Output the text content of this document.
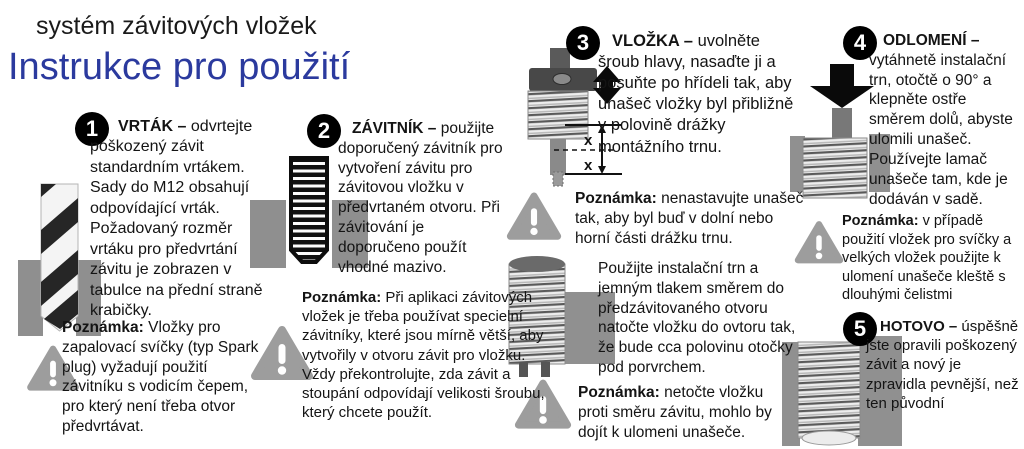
systém závitových vložek
Instrukce pro použití
1	VRTÁK – odvrtejte poškozený závit standardním vrtákem. Sady do M12 obsahují odpovídající vrták. Požadovaný rozměr vrtáku pro předvrtání závitu je zobrazen v tabulce na přední straně krabičky.

Poznámka: Vložky pro zapalovací svíčky (typ Spark plug) vyžadují použití závitníku s vodicím čepem, pro který není třeba otvor předvrtávat.

2	ZÁVITNÍK – použijte doporučený závitník pro vytvoření závitu pro závitovou vložku v předvrtaném otvoru. Při závitování je doporučeno použít vhodné mazivo.

Poznámka: Při aplikaci závitových vložek je třeba používat specielní závitníky, které jsou mírně větší, aby vytvořily v otvoru závit pro vložku. Vždy překontrolujte, zda závit a stoupání odpovídají velikosti šroubu, který chcete použít.

3	VLOŽKA – uvolněte šroub hlavy, nasaďte ji a posuňte po hřídeli tak, aby unašeč vložky byl přibližně v polovině drážky montážního trnu.

x
x

Poznámka: nenastavujte unašeč tak, aby byl buď v dolní nebo horní části drážku trnu.

Použijte instalační trn a jemným tlakem směrem do předzávitovaného otvoru natočte vložku do ovtoru tak, že bude cca polovinu otočky pod porvrchem.

Poznámka: netočte vložku proti směru závitu, mohlo by dojít k ulomeni unašeče.

4	ODLOMENÍ – vytáhnetě instalační trn, otočtě o 90° a klepněte ostře směrem dolů, abyste ulomili unašeč. Používejte lamač unašeče tam, kde je dodáván v sadě.

Poznámka: v případě použití vložek pro svíčky a velkých vložek použijte k ulomení unašeče kleště s dlouhými čelistmi

5 HOTOVO – úspěšně jste opravili poškozený závit a nový je zpravidla pevnější, než ten původní
